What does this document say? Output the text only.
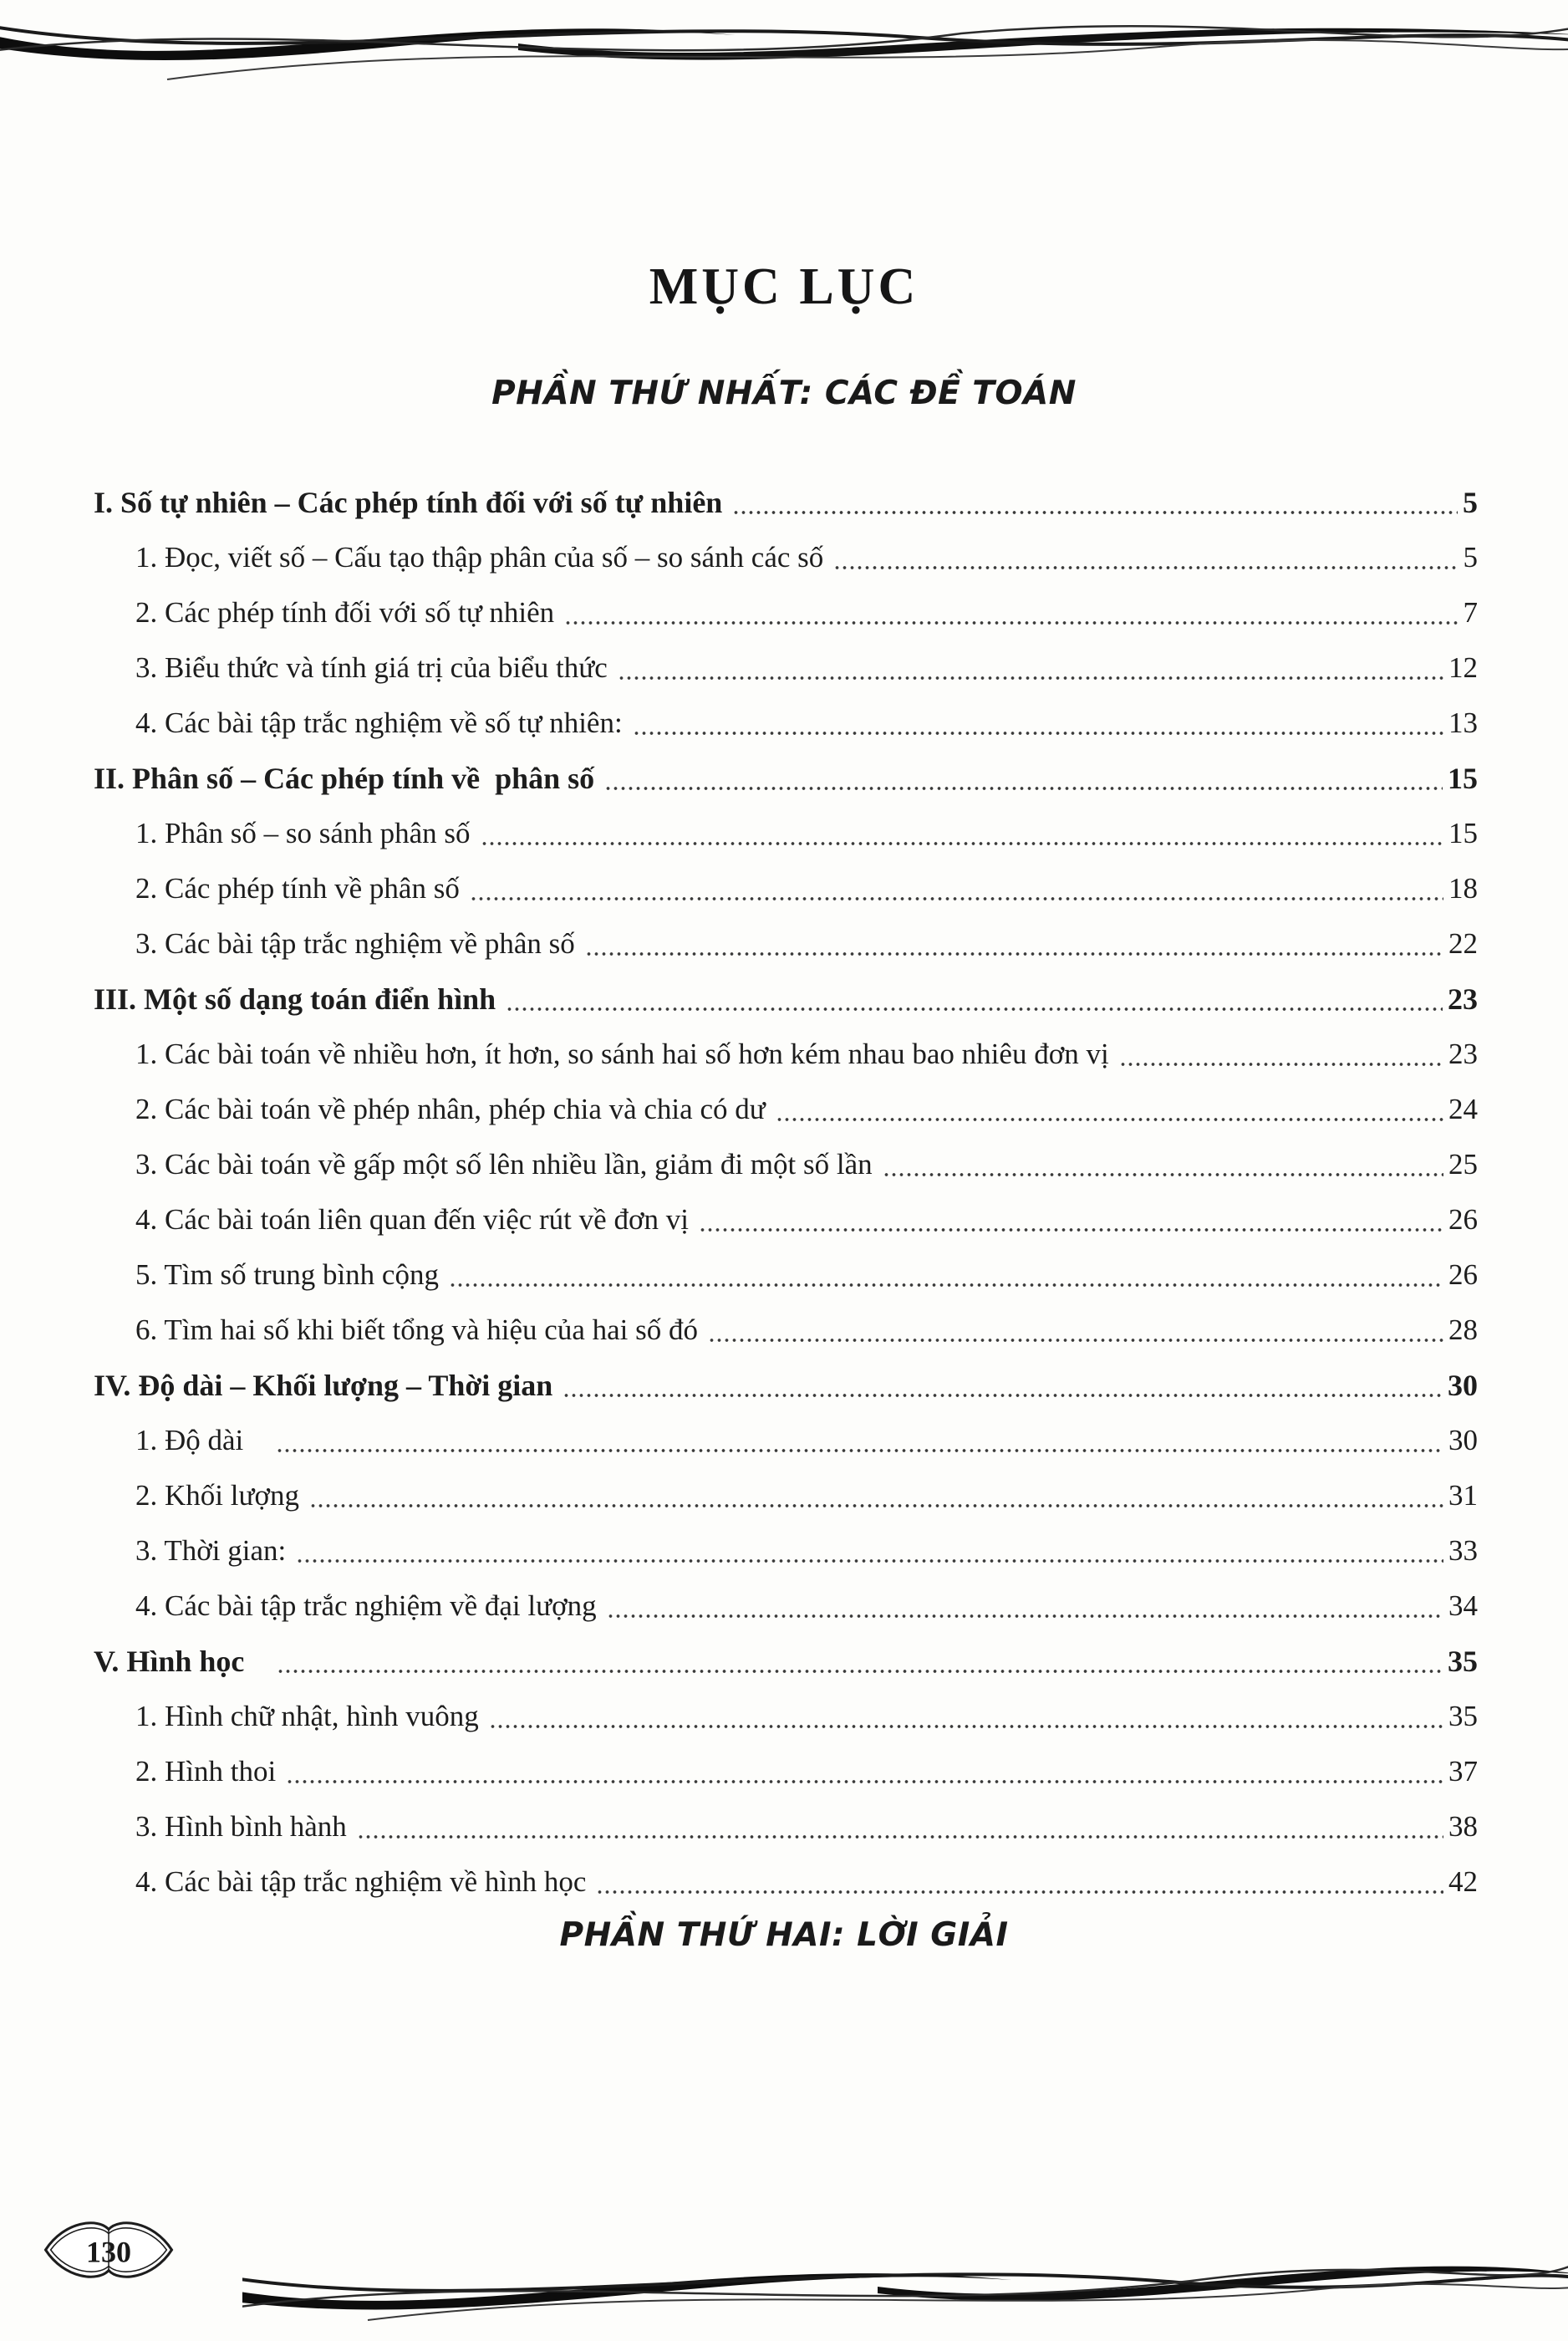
MỤC LỤC
PHẦN THỨ NHẤT: CÁC ĐỀ TOÁN
I. Số tự nhiên – Các phép tính đối với số tự nhiên	5
1. Đọc, viết số – Cấu tạo thập phân của số – so sánh các số	5
2. Các phép tính đối với số tự nhiên	7
3. Biểu thức và tính giá trị của biểu thức	12
4. Các bài tập trắc nghiệm về số tự nhiên:	13
II. Phân số – Các phép tính về  phân số	15
1. Phân số – so sánh phân số	15
2. Các phép tính về phân số	18
3. Các bài tập trắc nghiệm về phân số	22
III. Một số dạng toán điển hình	23
1. Các bài toán về nhiều hơn, ít hơn, so sánh hai số hơn kém nhau bao nhiêu đơn vị	23
2. Các bài toán về phép nhân, phép chia và chia có dư	24
3. Các bài toán về gấp một số lên nhiều lần, giảm đi một số lần	25
4. Các bài toán liên quan đến việc rút về đơn vị	26
5. Tìm số trung bình cộng	26
6. Tìm hai số khi biết tổng và hiệu của hai số đó	28
IV. Độ dài – Khối lượng – Thời gian	30
1. Độ dài	30
2. Khối lượng	31
3. Thời gian:	33
4. Các bài tập trắc nghiệm về đại lượng	34
V. Hình học	35
1. Hình chữ nhật, hình vuông	35
2. Hình thoi	37
3. Hình bình hành	38
4. Các bài tập trắc nghiệm về hình học	42
PHẦN THỨ HAI: LỜI GIẢI
130
